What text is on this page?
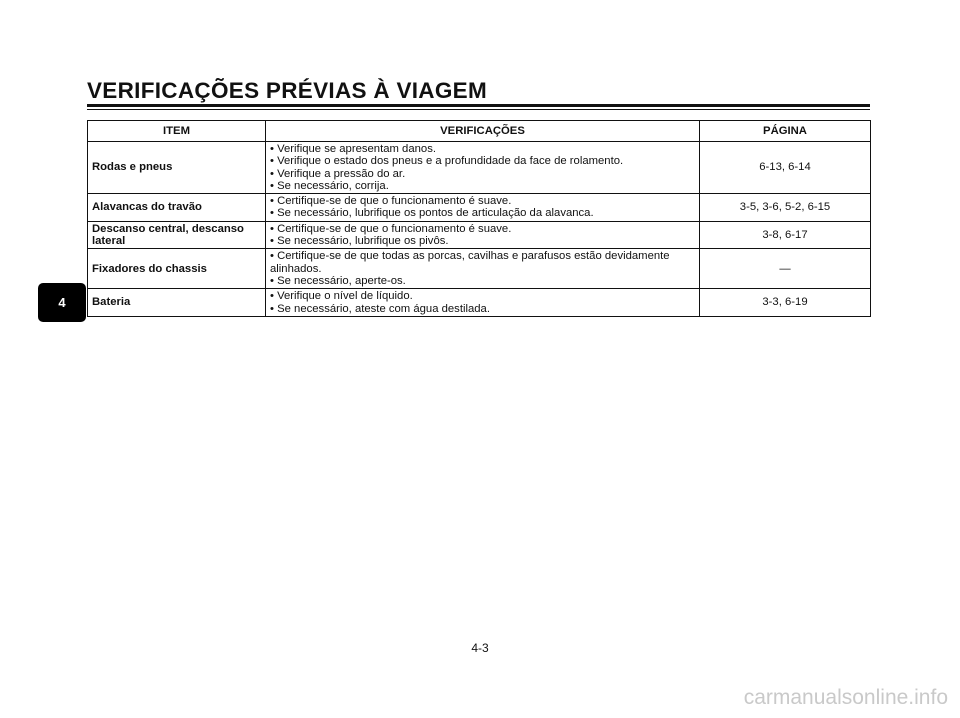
VERIFICAÇÕES PRÉVIAS À VIAGEM
ITEM	VERIFICAÇÕES	PÁGINA

Rodas e pneus	• Verifique se apresentam danos.
• Verifique o estado dos pneus e a profundidade da face de rolamento.
• Verifique a pressão do ar.
• Se necessário, corrija.	6-13, 6-14

Alavancas do travão	• Certifique-se de que o funcionamento é suave.
• Se necessário, lubrifique os pontos de articulação da alavanca.	3-5, 3-6, 5-2, 6-15

Descanso central, descanso
lateral	• Certifique-se de que o funcionamento é suave.
• Se necessário, lubrifique os pivôs.	3-8, 6-17

Fixadores do chassis	• Certifique-se de que todas as porcas, cavilhas e parafusos estão devidamente
alinhados.
• Se necessário, aperte-os.	—

Bateria	• Verifique o nível de líquido.
• Se necessário, ateste com água destilada.	3-3, 6-19
4
4-3
carmanualsonline.info
